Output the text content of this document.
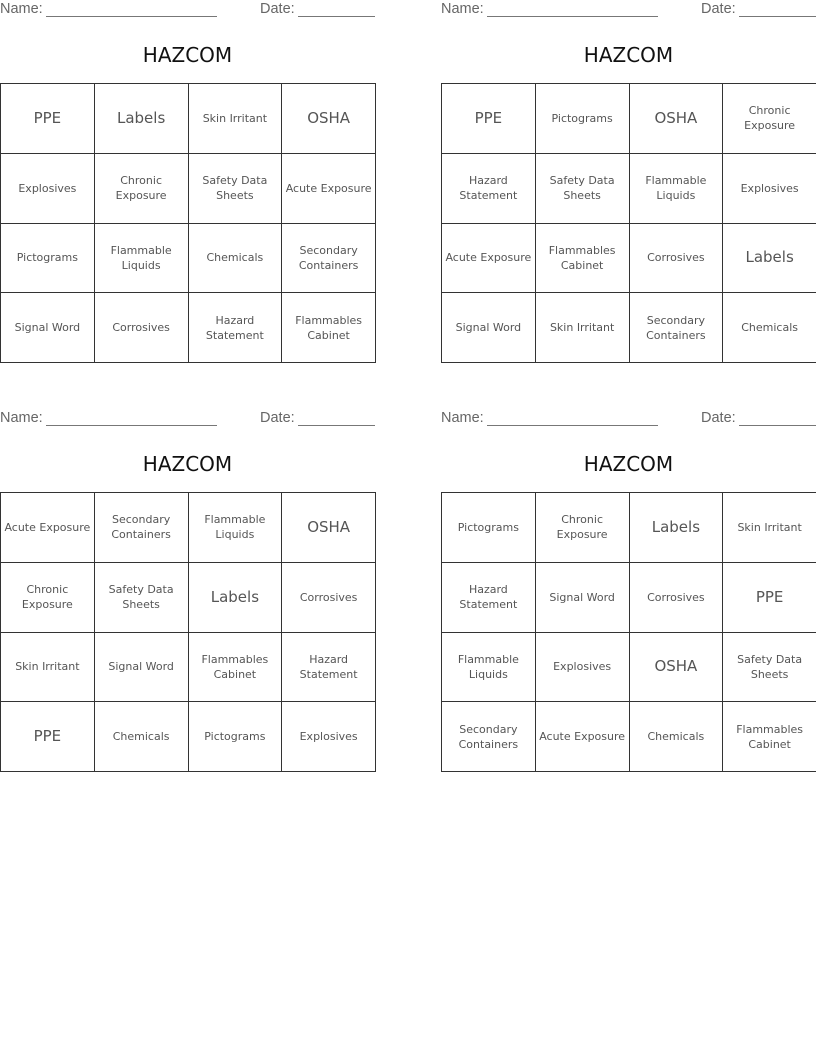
Name:	Date:
HAZCOM
PPE	Labels	Skin Irritant	OSHA
Explosives	Chronic Exposure	Safety Data Sheets	Acute Exposure
Pictograms	Flammable Liquids	Chemicals	Secondary Containers
Signal Word	Corrosives	Hazard Statement	Flammables Cabinet
Name:	Date:
HAZCOM
PPE	Pictograms	OSHA	Chronic Exposure
Hazard Statement	Safety Data Sheets	Flammable Liquids	Explosives
Acute Exposure	Flammables Cabinet	Corrosives	Labels
Signal Word	Skin Irritant	Secondary Containers	Chemicals
Name:	Date:
HAZCOM
Acute Exposure	Secondary Containers	Flammable Liquids	OSHA
Chronic Exposure	Safety Data Sheets	Labels	Corrosives
Skin Irritant	Signal Word	Flammables Cabinet	Hazard Statement
PPE	Chemicals	Pictograms	Explosives
Name:	Date:
HAZCOM
Pictograms	Chronic Exposure	Labels	Skin Irritant
Hazard Statement	Signal Word	Corrosives	PPE
Flammable Liquids	Explosives	OSHA	Safety Data Sheets
Secondary Containers	Acute Exposure	Chemicals	Flammables Cabinet
